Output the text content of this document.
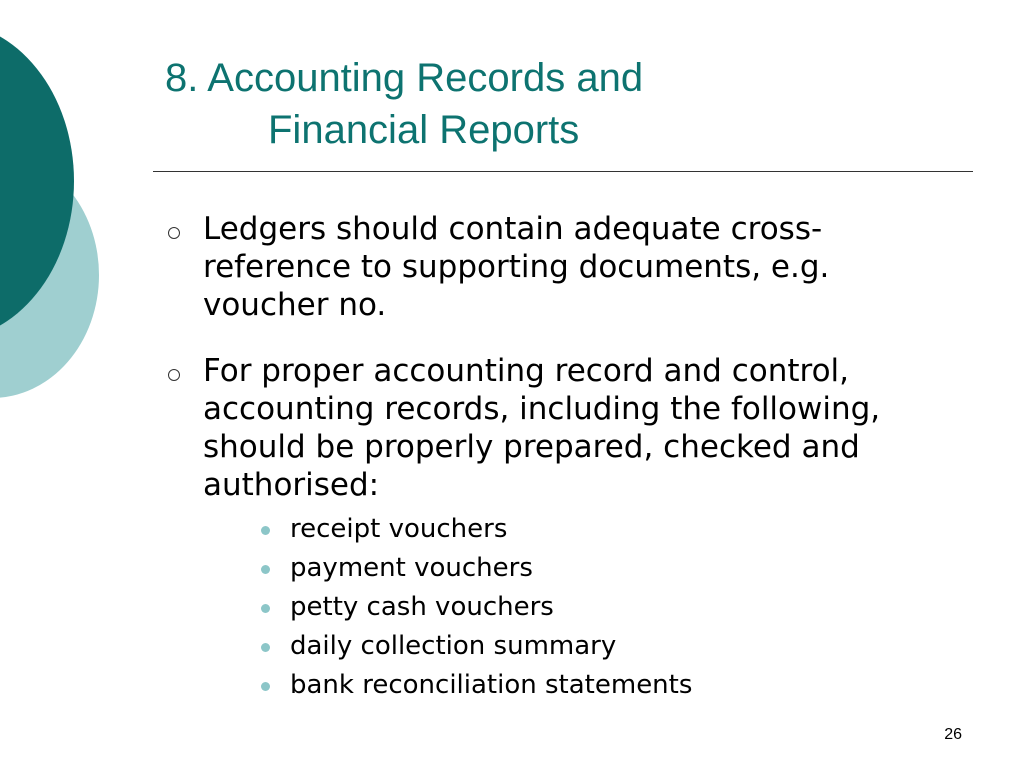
8. Accounting Records and
Financial Reports
Ledgers should contain adequate cross-reference to supporting documents, e.g. voucher no.
For proper accounting record and control, accounting records, including the following, should be properly prepared, checked and authorised:
receipt vouchers
payment vouchers
petty cash vouchers
daily collection summary
bank reconciliation statements
26
